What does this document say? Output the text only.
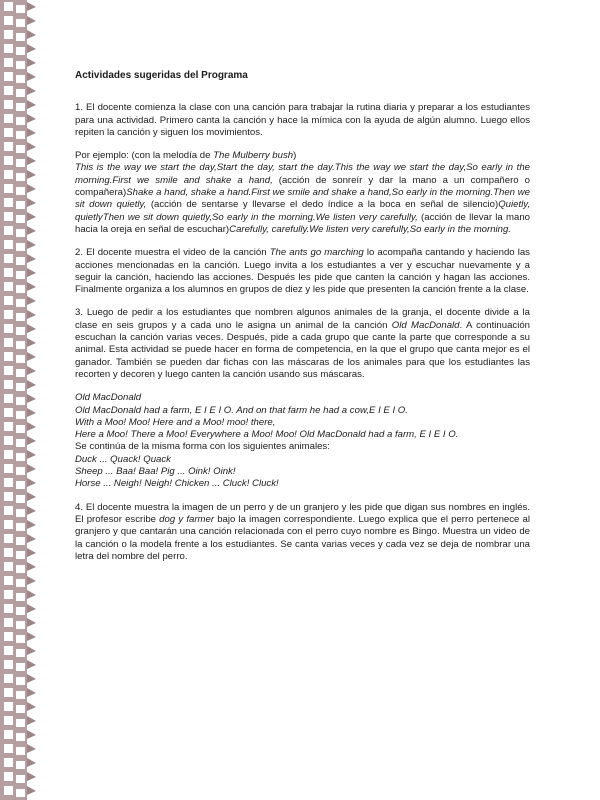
Actividades sugeridas del Programa

1. El docente comienza la clase con una canción para trabajar la rutina diaria y preparar a los estudiantes para una actividad. Primero canta la canción y hace la mímica con la ayuda de algún alumno. Luego ellos repiten la canción y siguen los movimientos.

Por ejemplo: (con la melodía de The Mulberry bush)

This is the way we start the day,Start the day, start the day.This the way we start the day,So early in the morning.First we smile and shake a hand, (acción de sonreír y dar la mano a un compañero o compañera)Shake a hand, shake a hand.First we smile and shake a hand,So early in the morning.Then we sit down quietly, (acción de sentarse y llevarse el dedo índice a la boca en señal de silencio)Quietly, quietlyThen we sit down quietly,So early in the morning.We listen very carefully, (acción de llevar la mano hacia la oreja en señal de escuchar)Carefully, carefully.We listen very carefully,So early in the morning.

2. El docente muestra el video de la canción The ants go marching lo acompaña cantando y haciendo las acciones mencionadas en la canción. Luego invita a los estudiantes a ver y escuchar nuevamente y a seguir la canción, haciendo las acciones. Después les pide que canten la canción y hagan las acciones. Finalmente organiza a los alumnos en grupos de diez y les pide que presenten la canción frente a la clase.

3. Luego de pedir a los estudiantes que nombren algunos animales de la granja, el docente divide a la clase en seis grupos y a cada uno le asigna un animal de la canción Old MacDonald. A continuación escuchan la canción varias veces. Después, pide a cada grupo que cante la parte que corresponde a su animal. Esta actividad se puede hacer en forma de competencia, en la que el grupo que canta mejor es el ganador. También se pueden dar fichas con las máscaras de los animales para que los estudiantes las recorten y decoren y luego canten la canción usando sus máscaras.

Old MacDonald
Old MacDonald had a farm, E I E I O. And on that farm he had a cow,E I E I O.
With a Moo! Moo! Here and a Moo! moo! there,
Here a Moo! There a Moo! Everywhere a Moo! Moo! Old MacDonald had a farm, E I E I O.
Se continúa de la misma forma con los siguientes animales:
Duck ... Quack! Quack
Sheep ... Baa! Baa! Pig ... Oink! Oink!
Horse ... Neigh! Neigh! Chicken ... Cluck! Cluck!

4. El docente muestra la imagen de un perro y de un granjero y les pide que digan sus nombres en inglés. El profesor escribe dog y farmer bajo la imagen correspondiente. Luego explica que el perro pertenece al granjero y que cantarán una canción relacionada con el perro cuyo nombre es Bingo. Muestra un video de la canción o la modela frente a los estudiantes. Se canta varias veces y cada vez se deja de nombrar una letra del nombre del perro.
